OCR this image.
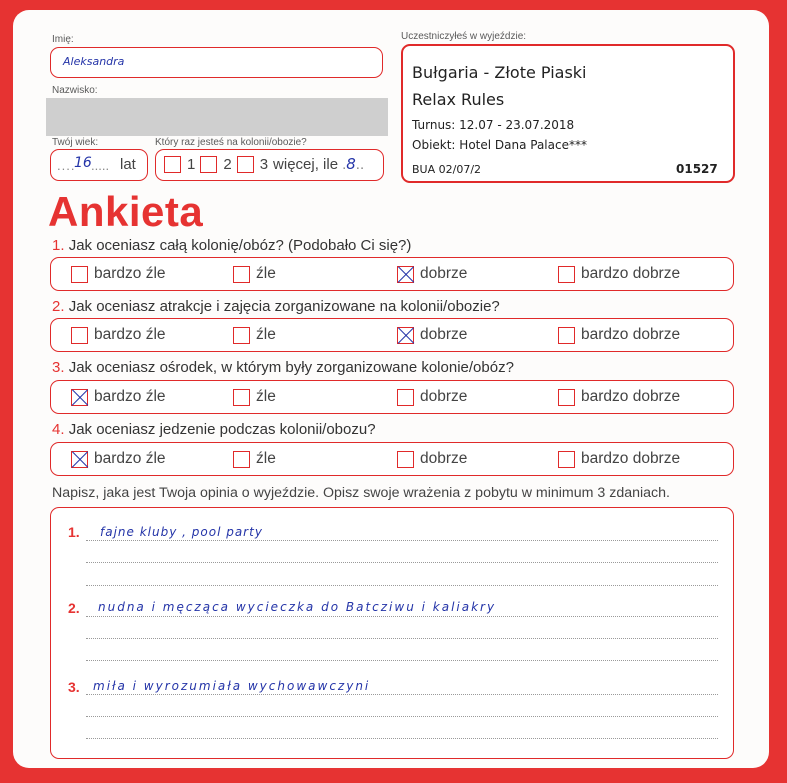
Imię:
Aleksandra
Nazwisko:
Twój wiek:
....
16 ..... lat
Który raz jesteś na kolonii/obozie?
1 2 3 więcej, ile . 8 ..
Uczestniczyłeś w wyjeździe:
Bułgaria - Złote Piaski
Relax Rules
Turnus: 12.07 - 23.07.2018
Obiekt: Hotel Dana Palace***
BUA 02/07/2	01527
Ankieta
1. Jak oceniasz całą kolonię/obóz? (Podobało Ci się?)
bardzo źle	źle	dobrze	bardzo dobrze
2. Jak oceniasz atrakcje i zajęcia zorganizowane na kolonii/obozie?
bardzo źle	źle	dobrze	bardzo dobrze
3. Jak oceniasz ośrodek, w którym były zorganizowane kolonie/obóz?
bardzo źle	źle	dobrze	bardzo dobrze
4. Jak oceniasz jedzenie podczas kolonii/obozu?
bardzo źle	źle	dobrze	bardzo dobrze
Napisz, jaka jest Twoja opinia o wyjeździe. Opisz swoje wrażenia z pobytu w minimum 3 zdaniach.
1. fajne kluby , pool party
2. nudna i męcząca wycieczka do Batcziwu i kaliakry
3. miła i wyrozumiała wychowawczyni
